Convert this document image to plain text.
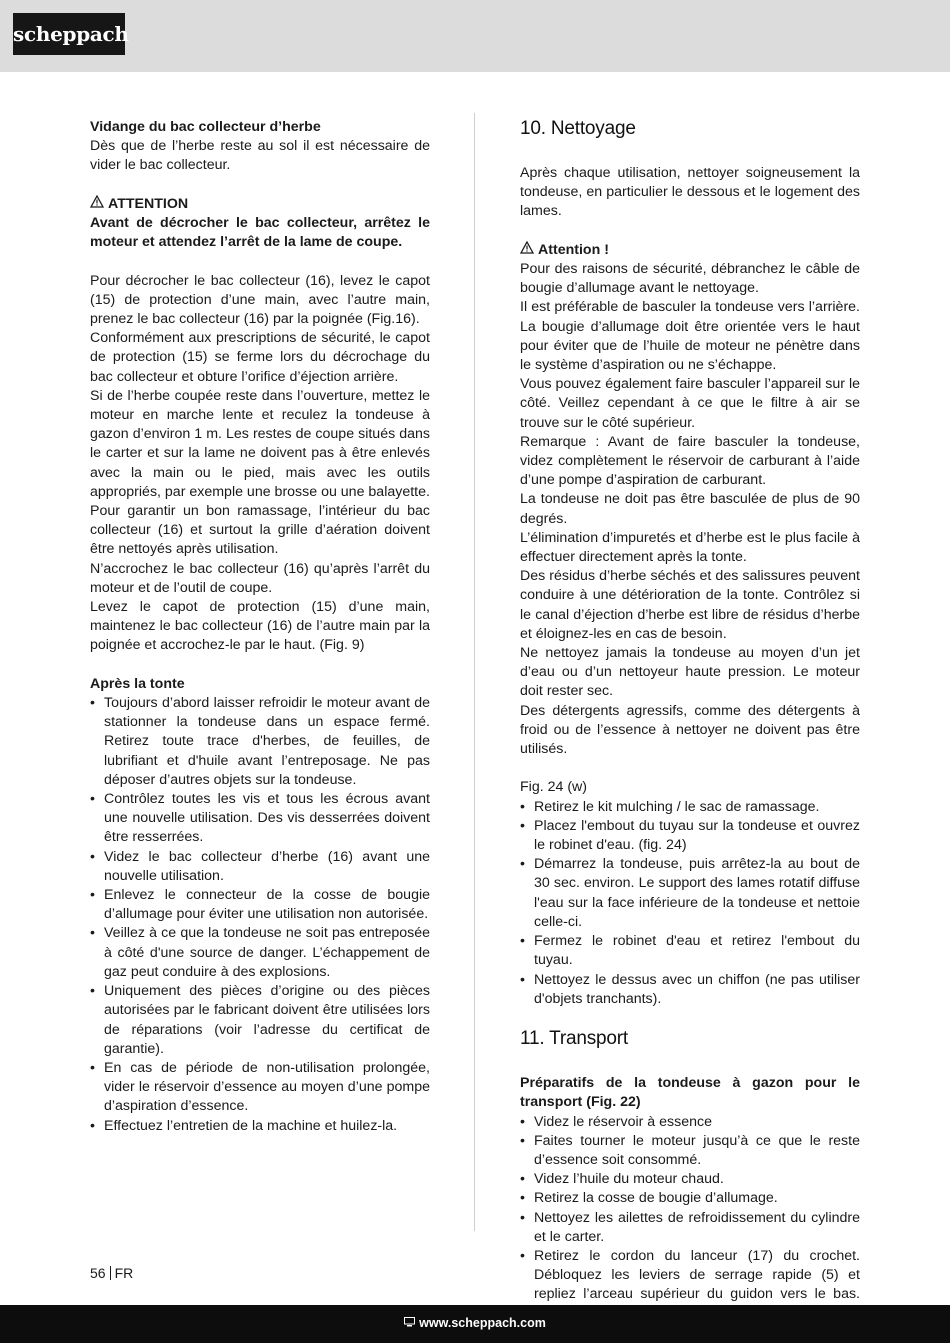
scheppach

Vidange du bac collecteur d’herbe

Dès que de l’herbe reste au sol il est nécessaire de vider le bac collecteur.

ATTENTION

Avant de décrocher le bac collecteur, arrêtez le moteur et attendez l’arrêt de la lame de coupe.

Pour décrocher le bac collecteur (16), levez le capot (15) de protection d’une main, avec l’autre main, prenez le bac collecteur (16) par la poignée (Fig.16).

Conformément aux prescriptions de sécurité, le capot de protection (15) se ferme lors du décrochage du bac collecteur et obture l’orifice d’éjection arrière.

Si de l’herbe coupée reste dans l’ouverture, mettez le moteur en marche lente et reculez la tondeuse à gazon d’environ 1 m. Les restes de coupe situés dans le carter et sur la lame ne doivent pas à être enlevés avec la main ou le pied, mais avec les outils appropriés, par exemple une brosse ou une balayette.

Pour garantir un bon ramassage, l’intérieur du bac collecteur (16) et surtout la grille d’aération doivent être nettoyés après utilisation.

N’accrochez le bac collecteur (16) qu’après l’arrêt du moteur et de l’outil de coupe.

Levez le capot de protection (15) d’une main, maintenez le bac collecteur (16) de l’autre main par la poignée et accrochez-le par le haut. (Fig. 9)

Après la tonte

• Toujours d’abord laisser refroidir le moteur avant de stationner la tondeuse dans un espace fermé. Retirez toute trace d'herbes, de feuilles, de lubrifiant et d'huile avant l’entreposage. Ne pas déposer d’autres objets sur la tondeuse.
• Contrôlez toutes les vis et tous les écrous avant une nouvelle utilisation. Des vis desserrées doivent être resserrées.
• Videz le bac collecteur d’herbe (16) avant une nouvelle utilisation.
• Enlevez le connecteur de la cosse de bougie d’allumage pour éviter une utilisation non autorisée.
• Veillez à ce que la tondeuse ne soit pas entreposée à côté d'une source de danger. L’échappement de gaz peut conduire à des explosions.
• Uniquement des pièces d’origine ou des pièces autorisées par le fabricant doivent être utilisées lors de réparations (voir l’adresse du certificat de garantie).
• En cas de période de non-utilisation prolongée, vider le réservoir d’essence au moyen d’une pompe d’aspiration d’essence.
• Effectuez l’entretien de la machine et huilez-la.
10. Nettoyage

Après chaque utilisation, nettoyer soigneusement la tondeuse, en particulier le dessous et le logement des lames.

Attention !

Pour des raisons de sécurité, débranchez le câble de bougie d’allumage avant le nettoyage.

Il est préférable de basculer la tondeuse vers l’arrière. La bougie d’allumage doit être orientée vers le haut pour éviter que de l’huile de moteur ne pénètre dans le système d’aspiration ou ne s’échappe.

Vous pouvez également faire basculer l’appareil sur le côté. Veillez cependant à ce que le filtre à air se trouve sur le côté supérieur.

Remarque : Avant de faire basculer la tondeuse, videz complètement le réservoir de carburant à l’aide d’une pompe d’aspiration de carburant.

La tondeuse ne doit pas être basculée de plus de 90 degrés.

L’élimination d’impuretés et d’herbe est le plus facile à effectuer directement après la tonte.

Des résidus d’herbe séchés et des salissures peuvent conduire à une détérioration de la tonte. Contrôlez si le canal d’éjection d’herbe est libre de résidus d’herbe et éloignez-les en cas de besoin.

Ne nettoyez jamais la tondeuse au moyen d’un jet d’eau ou d’un nettoyeur haute pression. Le moteur doit rester sec.

Des détergents agressifs, comme des détergents à froid ou de l’essence à nettoyer ne doivent pas être utilisés.

Fig. 24 (w)

• Retirez le kit mulching / le sac de ramassage.
• Placez l'embout du tuyau sur la tondeuse et ouvrez le robinet d'eau. (fig. 24)
• Démarrez la tondeuse, puis arrêtez-la au bout de 30 sec. environ. Le support des lames rotatif diffuse l'eau sur la face inférieure de la tondeuse et nettoie celle-ci.
• Fermez le robinet d'eau et retirez l'embout du tuyau.
• Nettoyez le dessus avec un chiffon (ne pas utiliser d'objets tranchants).
11. Transport

Préparatifs de la tondeuse à gazon pour le transport (Fig. 22)

• Videz le réservoir à essence
• Faites tourner le moteur jusqu’à ce que le reste d’essence soit consommé.
• Videz l’huile du moteur chaud.
• Retirez la cosse de bougie d’allumage.
• Nettoyez les ailettes de refroidissement du cylindre et le carter.
• Retirez le cordon du lanceur (17) du crochet. Débloquez les leviers de serrage rapide (5) et repliez l’arceau supérieur du guidon vers le bas.
56 FR
www.scheppach.com
